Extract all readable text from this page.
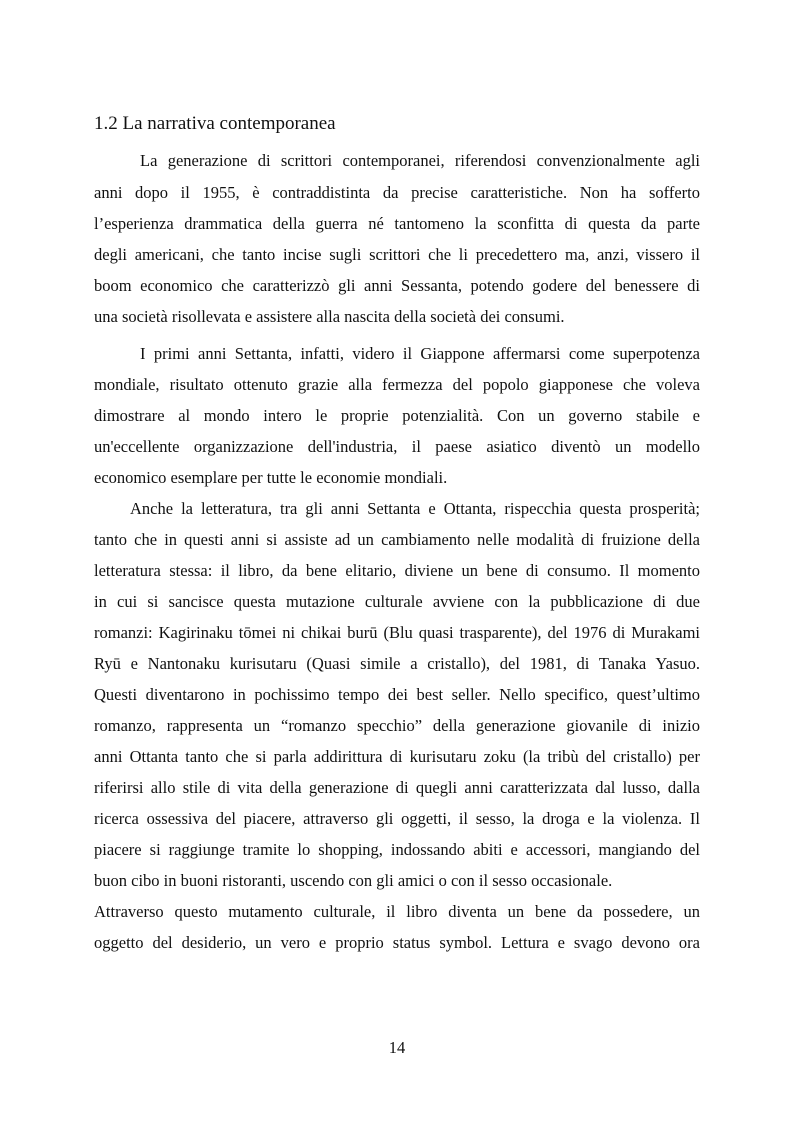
1.2 La narrativa contemporanea
La generazione di scrittori contemporanei, riferendosi convenzionalmente agli
anni dopo il 1955, è contraddistinta da precise caratteristiche. Non ha sofferto
l’esperienza drammatica della guerra né tantomeno la sconfitta di questa da parte
degli americani, che tanto incise sugli scrittori che li precedettero ma, anzi, vissero il
boom economico che caratterizzò gli anni Sessanta, potendo godere del benessere di
una società risollevata e assistere alla nascita della società dei consumi.
I primi anni Settanta, infatti, videro il Giappone affermarsi come superpotenza
mondiale, risultato ottenuto grazie alla fermezza del popolo giapponese che voleva
dimostrare al mondo intero le proprie potenzialità. Con un governo stabile e
un'eccellente organizzazione dell'industria, il paese asiatico diventò un modello
economico esemplare per tutte le economie mondiali.
Anche la letteratura, tra gli anni Settanta e Ottanta, rispecchia questa prosperità;
tanto che in questi anni si assiste ad un cambiamento nelle modalità di fruizione della
letteratura stessa: il libro, da bene elitario, diviene un bene di consumo. Il momento
in cui si sancisce questa mutazione culturale avviene con la pubblicazione di due
romanzi: Kagirinaku tōmei ni chikai burū (Blu quasi trasparente), del 1976 di Murakami
Ryū e Nantonaku kurisutaru (Quasi simile a cristallo), del 1981, di Tanaka Yasuo.
Questi diventarono in pochissimo tempo dei best seller. Nello specifico, quest’ultimo
romanzo, rappresenta un “romanzo specchio” della generazione giovanile di inizio
anni Ottanta tanto che si parla addirittura di kurisutaru zoku (la tribù del cristallo) per
riferirsi allo stile di vita della generazione di quegli anni caratterizzata dal lusso, dalla
ricerca ossessiva del piacere, attraverso gli oggetti, il sesso, la droga e la violenza. Il
piacere si raggiunge tramite lo shopping, indossando abiti e accessori, mangiando del
buon cibo in buoni ristoranti, uscendo con gli amici o con il sesso occasionale.
Attraverso questo mutamento culturale, il libro diventa un bene da possedere, un
oggetto del desiderio, un vero e proprio status symbol. Lettura e svago devono ora
14
